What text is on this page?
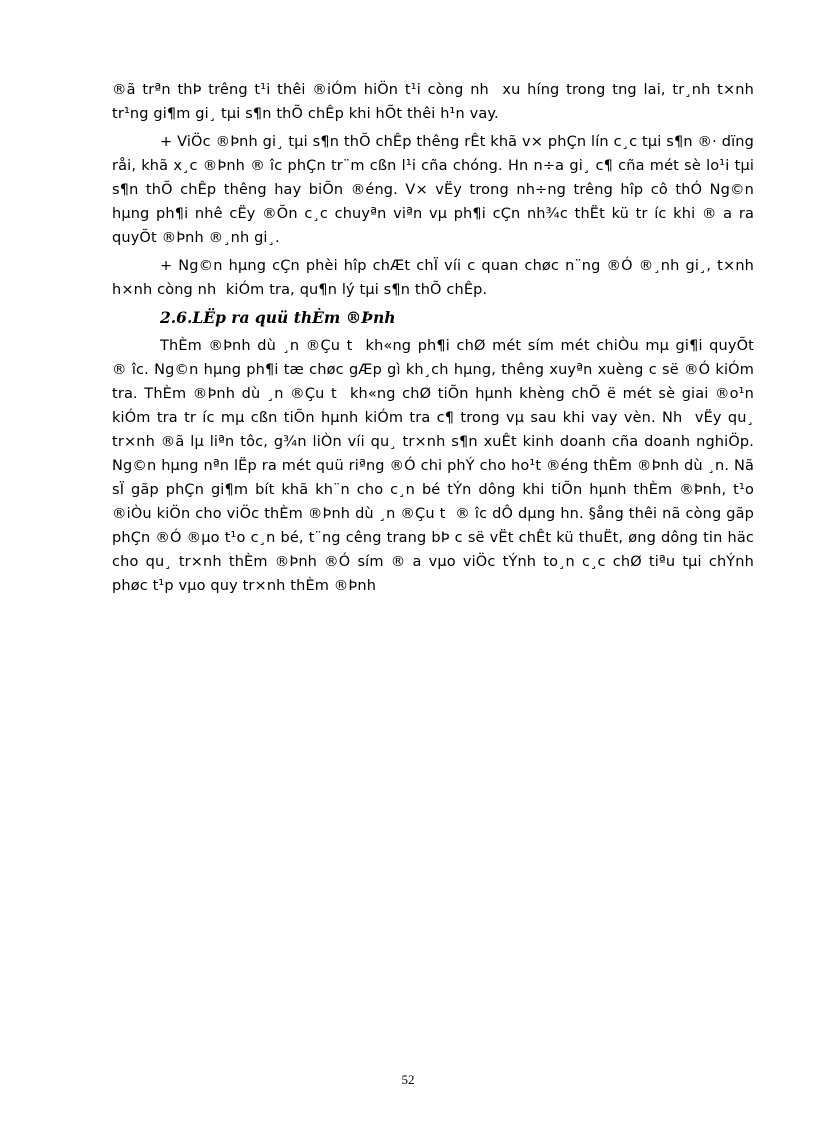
®ã trªn thÞ trêng t¹i thêi ®iÓm hiÖn t¹i còng nh  xu híng trong tng lai, tr¸nh t×nh tr¹ng gi¶m gi¸ tµi s¶n thÕ chÊp khi hÕt thêi h¹n vay.

+ ViÖc ®Þnh gi¸ tµi s¶n thÕ chÊp thêng rÊt khã v× phÇn lín c¸c tµi s¶n ®· dïng råi, khã x¸c ®Þnh ® îc phÇn tr¨m cßn l¹i cña chóng. Hn n÷a gi¸ c¶ cña mét sè lo¹i tµi s¶n thÕ chÊp thêng hay biÕn ®éng. V× vËy trong nh÷ng trêng hîp cô thÓ Ng©n hµng ph¶i nhê cËy ®Õn c¸c chuyªn viªn vµ ph¶i cÇn nh¾c thËt kü tr íc khi ® a ra quyÕt ®Þnh ®¸nh gi¸.

+ Ng©n hµng cÇn phèi hîp chÆt chÏ víi c quan chøc n¨ng ®Ó ®¸nh gi¸, t×nh h×nh còng nh  kiÓm tra, qu¶n lý tµi s¶n thÕ chÊp.

2.6.LËp ra quü thÈm ®Þnh

ThÈm ®Þnh dù ¸n ®Çu t  kh«ng ph¶i chØ mét sím mét chiÒu mµ gi¶i quyÕt ® îc. Ng©n hµng ph¶i tæ chøc gÆp gì kh¸ch hµng, thêng xuyªn xuèng c së ®Ó kiÓm tra. ThÈm ®Þnh dù ¸n ®Çu t  kh«ng chØ tiÕn hµnh khèng chÕ ë mét sè giai ®o¹n kiÓm tra tr íc mµ cßn tiÕn hµnh kiÓm tra c¶ trong vµ sau khi vay vèn. Nh  vËy qu¸ tr×nh ®ã lµ liªn tôc, g¾n liÒn víi qu¸ tr×nh s¶n xuÊt kinh doanh cña doanh nghiÖp. Ng©n hµng nªn lËp ra mét quü riªng ®Ó chi phÝ cho ho¹t ®éng thÈm ®Þnh dù ¸n. Nã sÏ gãp phÇn gi¶m bít khã kh¨n cho c¸n bé tÝn dông khi tiÕn hµnh thÈm ®Þnh, t¹o ®iÒu kiÖn cho viÖc thÈm ®Þnh dù ¸n ®Çu t  ® îc dÔ dµng hn. §ång thêi nã còng gãp phÇn ®Ó ®µo t¹o c¸n bé, t¨ng cêng trang bÞ c së vËt chÊt kü thuËt, øng dông tin häc cho qu¸ tr×nh thÈm ®Þnh ®Ó sím ® a vµo viÖc tÝnh to¸n c¸c chØ tiªu tµi chÝnh phøc t¹p vµo quy tr×nh thÈm ®Þnh

52
